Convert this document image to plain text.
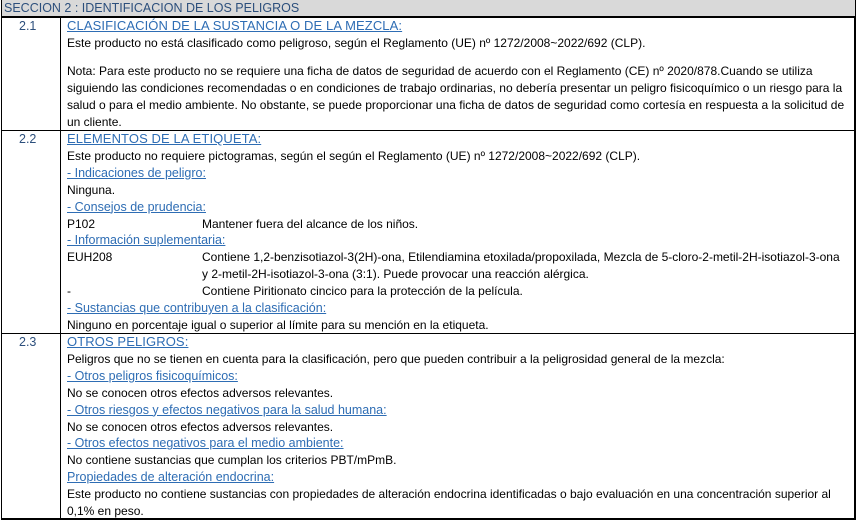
SECCION 2 : IDENTIFICACION DE LOS PELIGROS
2.1	CLASIFICACIÓN DE LA SUSTANCIA O DE LA MEZCLA:
Este producto no está clasificado como peligroso, según el Reglamento (UE) nº 1272/2008~2022/692 (CLP).
Nota: Para este producto no se requiere una ficha de datos de seguridad de acuerdo con el Reglamento (CE) nº 2020/878.Cuando se utiliza siguiendo las condiciones recomendadas o en condiciones de trabajo ordinarias, no debería presentar un peligro fisicoquímico o un riesgo para la salud o para el medio ambiente. No obstante, se puede proporcionar una ficha de datos de seguridad como cortesía en respuesta a la solicitud de un cliente.
2.2	ELEMENTOS DE LA ETIQUETA:
Este producto no requiere pictogramas, según el según el Reglamento (UE) nº 1272/2008~2022/692 (CLP).
- Indicaciones de peligro:
Ninguna.
- Consejos de prudencia:
P102	Mantener fuera del alcance de los niños.
- Información suplementaria:
EUH208	Contiene 1,2-benzisotiazol-3(2H)-ona, Etilendiamina etoxilada/propoxilada, Mezcla de 5-cloro-2-metil-2H-isotiazol-3-ona y 2-metil-2H-isotiazol-3-ona (3:1). Puede provocar una reacción alérgica.
-	Contiene Piritionato cincico para la protección de la película.
- Sustancias que contribuyen a la clasificación:
Ninguno en porcentaje igual o superior al límite para su mención en la etiqueta.
2.3	OTROS PELIGROS:
Peligros que no se tienen en cuenta para la clasificación, pero que pueden contribuir a la peligrosidad general de la mezcla:
- Otros peligros fisicoquímicos:
No se conocen otros efectos adversos relevantes.
- Otros riesgos y efectos negativos para la salud humana:
No se conocen otros efectos adversos relevantes.
- Otros efectos negativos para el medio ambiente:
No contiene sustancias que cumplan los criterios PBT/mPmB.
Propiedades de alteración endocrina:
Este producto no contiene sustancias con propiedades de alteración endocrina identificadas o bajo evaluación en una concentración superior al 0,1% en peso.
